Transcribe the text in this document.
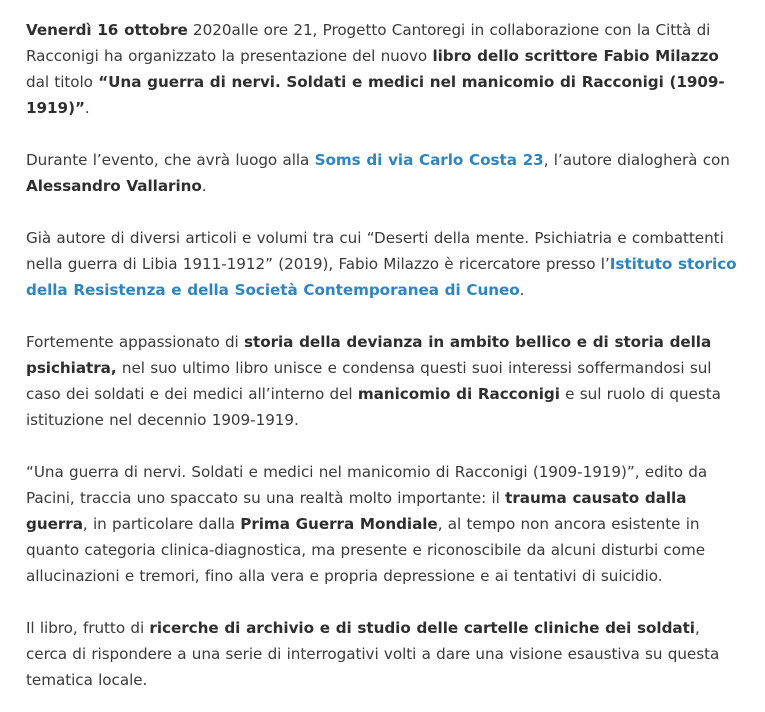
Venerdì 16 ottobre 2020alle ore 21, Progetto Cantoregi in collaborazione con la Città di Racconigi ha organizzato la presentazione del nuovo libro dello scrittore Fabio Milazzo dal titolo “Una guerra di nervi. Soldati e medici nel manicomio di Racconigi (1909-1919)”.

Durante l’evento, che avrà luogo alla Soms di via Carlo Costa 23, l’autore dialogherà con Alessandro Vallarino.

Già autore di diversi articoli e volumi tra cui “Deserti della mente. Psichiatria e combattenti nella guerra di Libia 1911-1912” (2019), Fabio Milazzo è ricercatore presso l’Istituto storico della Resistenza e della Società Contemporanea di Cuneo.

Fortemente appassionato di storia della devianza in ambito bellico e di storia della psichiatra, nel suo ultimo libro unisce e condensa questi suoi interessi soffermandosi sul caso dei soldati e dei medici all’interno del manicomio di Racconigi e sul ruolo di questa istituzione nel decennio 1909-1919.

“Una guerra di nervi. Soldati e medici nel manicomio di Racconigi (1909-1919)”, edito da Pacini, traccia uno spaccato su una realtà molto importante: il trauma causato dalla guerra, in particolare dalla Prima Guerra Mondiale, al tempo non ancora esistente in quanto categoria clinica-diagnostica, ma presente e riconoscibile da alcuni disturbi come allucinazioni e tremori, fino alla vera e propria depressione e ai tentativi di suicidio.

Il libro, frutto di ricerche di archivio e di studio delle cartelle cliniche dei soldati, cerca di rispondere a una serie di interrogativi volti a dare una visione esaustiva su questa tematica locale.
